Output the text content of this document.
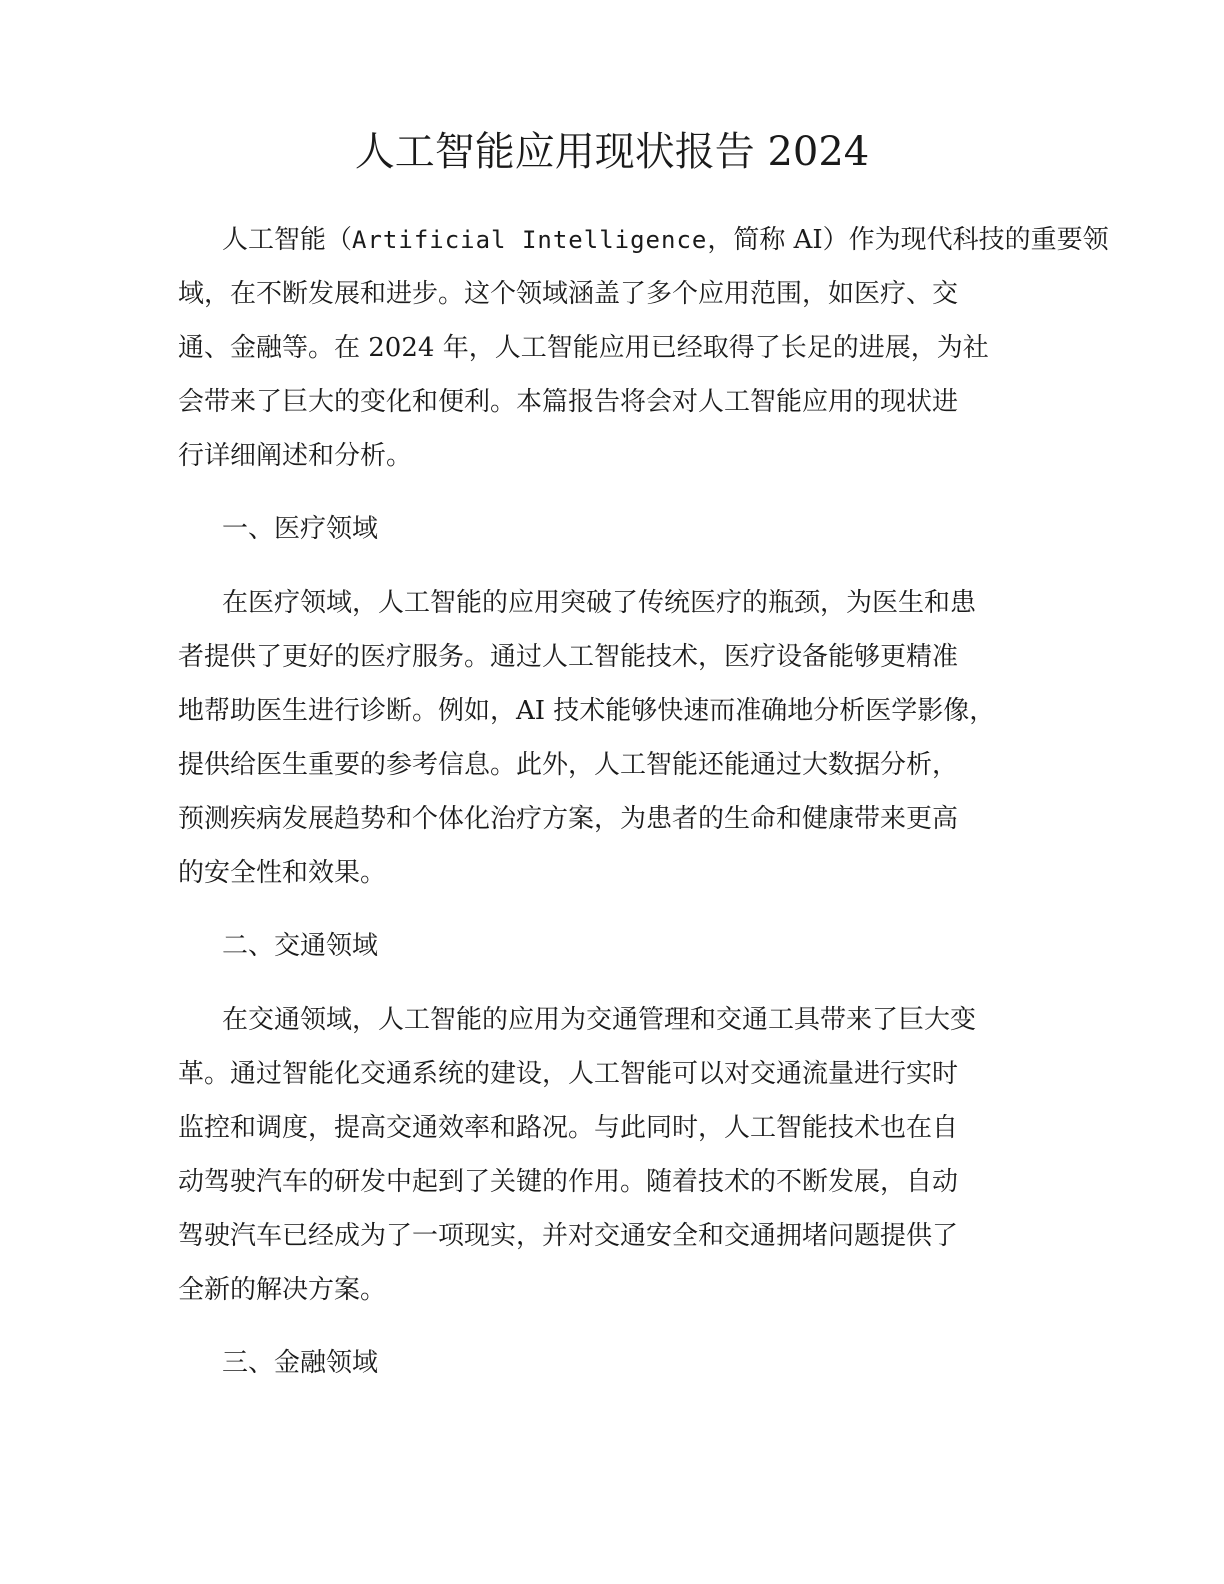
人工智能应用现状报告 2024

人工智能（Artificial Intelligence，简称 AI）作为现代科技的重要领

域，在不断发展和进步。这个领域涵盖了多个应用范围，如医疗、交

通、金融等。在 2024 年，人工智能应用已经取得了长足的进展，为社

会带来了巨大的变化和便利。本篇报告将会对人工智能应用的现状进

行详细阐述和分析。

一、医疗领域

在医疗领域，人工智能的应用突破了传统医疗的瓶颈，为医生和患

者提供了更好的医疗服务。通过人工智能技术，医疗设备能够更精准

地帮助医生进行诊断。例如，AI 技术能够快速而准确地分析医学影像，

提供给医生重要的参考信息。此外，人工智能还能通过大数据分析，

预测疾病发展趋势和个体化治疗方案，为患者的生命和健康带来更高

的安全性和效果。

二、交通领域

在交通领域，人工智能的应用为交通管理和交通工具带来了巨大变

革。通过智能化交通系统的建设，人工智能可以对交通流量进行实时

监控和调度，提高交通效率和路况。与此同时，人工智能技术也在自

动驾驶汽车的研发中起到了关键的作用。随着技术的不断发展，自动

驾驶汽车已经成为了一项现实，并对交通安全和交通拥堵问题提供了

全新的解决方案。

三、金融领域
